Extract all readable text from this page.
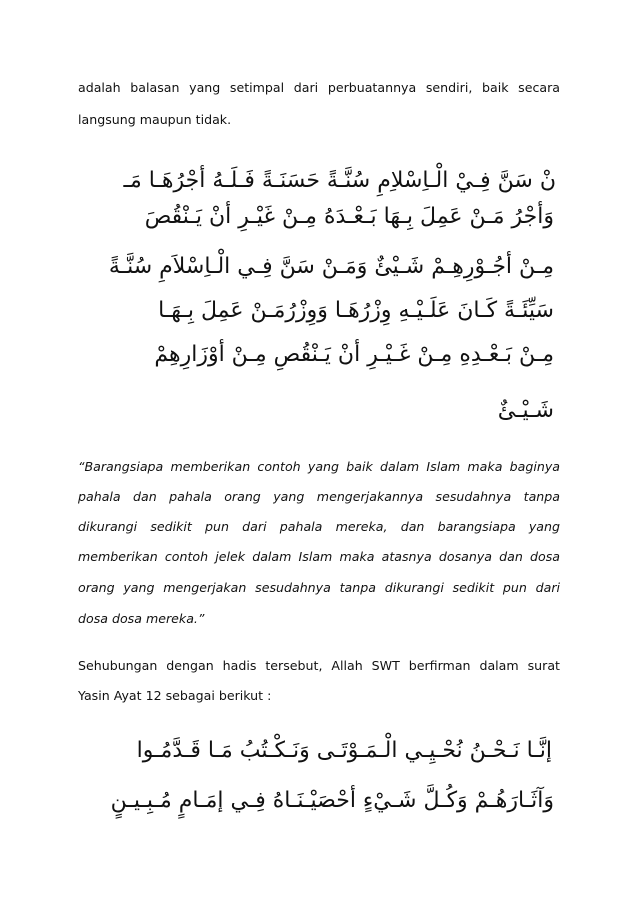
adalah balasan yang setimpal dari perbuatannya sendiri, baik secara
langsung maupun tidak.
نْ سَنَّ فِـيْ الْـاِسْلاِمِ سُنَّـةً حَسَنَـةً فَـلَـهُ أجْرُهَـا مَـ
وَأجْرُ مَـنْ عَمِلَ بِـهَا بَـعْـدَهُ مِـنْ غَيْـرِ أنْ يَـنْقُصَ
مِـنْ أجُـوْرِهِـمْ شَـيْئٌ وَمَـنْ سَنَّ فِـي الْـاِسْلاَمِ سُنَّـةً
سَيِّئَـةً كَـانَ عَلَـيْـهِ وِزْرُهَـا وَوِزْرُمَـنْ عَمِلَ بِـهَـا
مِـنْ بَـعْـدِهِ مِـنْ غَـيْـرِ أنْ يَـنْقُصِ مِـنْ أوْزَارِهِمْ
شَـيْـئٌ
“Barangsiapa memberikan contoh yang baik dalam Islam maka baginya
pahala dan pahala orang yang mengerjakannya sesudahnya tanpa
dikurangi sedikit pun dari pahala mereka, dan barangsiapa yang
memberikan contoh jelek dalam Islam maka atasnya dosanya dan dosa
orang yang mengerjakan sesudahnya tanpa dikurangi sedikit pun dari
dosa dosa mereka.”
Sehubungan dengan hadis tersebut, Allah SWT berfirman dalam surat
Yasin Ayat 12 sebagai berikut :
إنَّـا نَـحْـنُ نُحْـيِـي الْـمَـوْتَـى وَنَـكْـتُبُ مَـا قَـدَّمُـوا
وَآثَـارَهُـمْ وَكُـلَّ شَـيْءٍ أحْصَيْـنَـاهُ فِـي إمَـامٍ مُـبِـيـنٍ
